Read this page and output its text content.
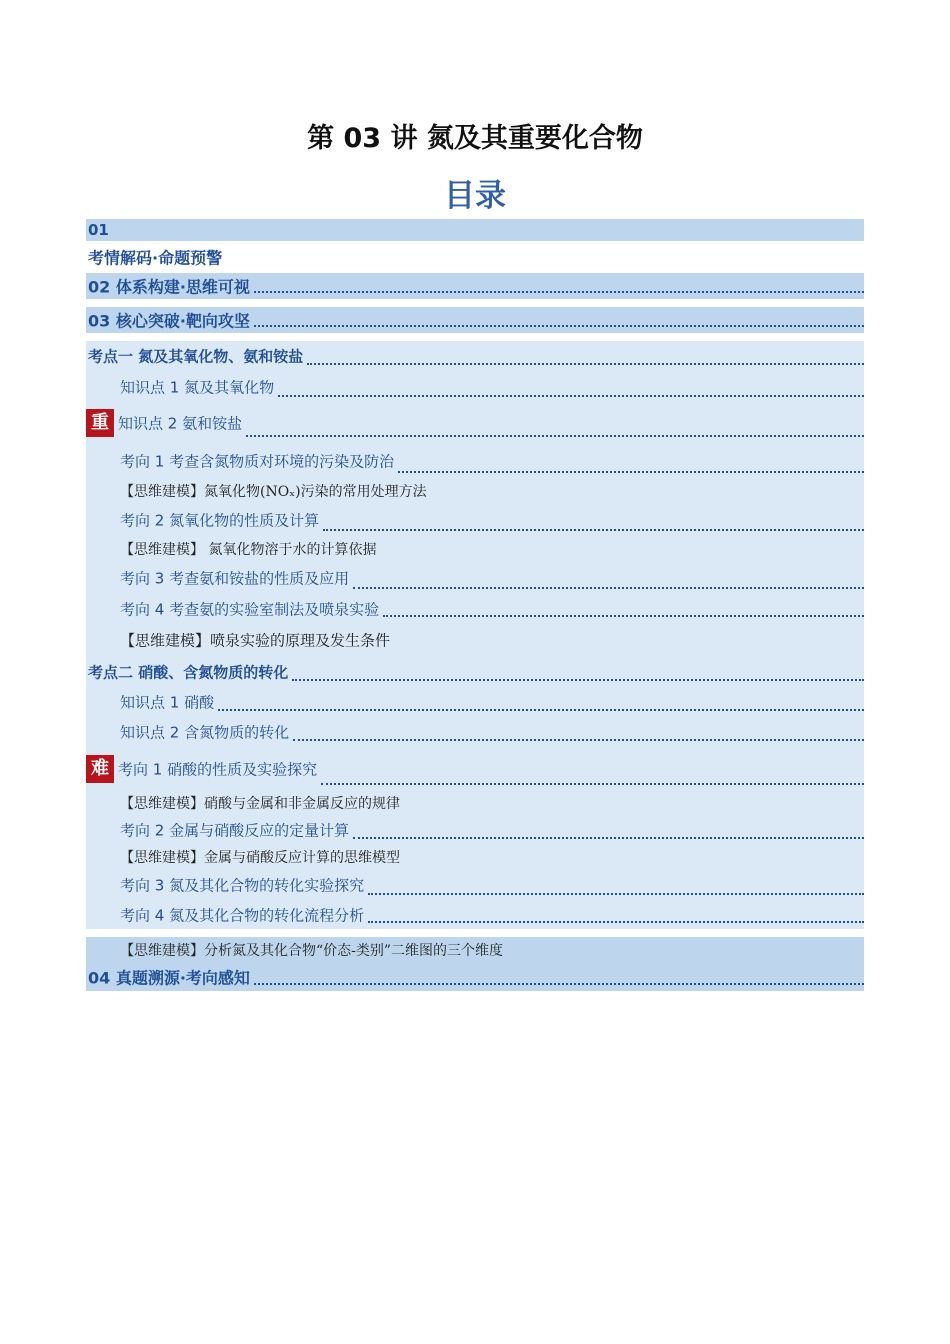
第 03 讲 氮及其重要化合物
目录
01
考情解码·命题预警
02 体系构建·思维可视
03 核心突破·靶向攻坚
考点一 氮及其氧化物、氨和铵盐
知识点 1 氮及其氧化物
重 知识点 2 氨和铵盐
考向 1 考查含氮物质对环境的污染及防治
【思维建模】氮氧化物(NOₓ)污染的常用处理方法
考向 2 氮氧化物的性质及计算
【思维建模】 氮氧化物溶于水的计算依据
考向 3 考查氨和铵盐的性质及应用
考向 4 考查氨的实验室制法及喷泉实验
【思维建模】喷泉实验的原理及发生条件
考点二 硝酸、含氮物质的转化
知识点 1 硝酸
知识点 2 含氮物质的转化
难 考向 1 硝酸的性质及实验探究
【思维建模】硝酸与金属和非金属反应的规律
考向 2 金属与硝酸反应的定量计算
【思维建模】金属与硝酸反应计算的思维模型
考向 3 氮及其化合物的转化实验探究
考向 4 氮及其化合物的转化流程分析
【思维建模】分析氮及其化合物“价态-类别”二维图的三个维度
04 真题溯源·考向感知
